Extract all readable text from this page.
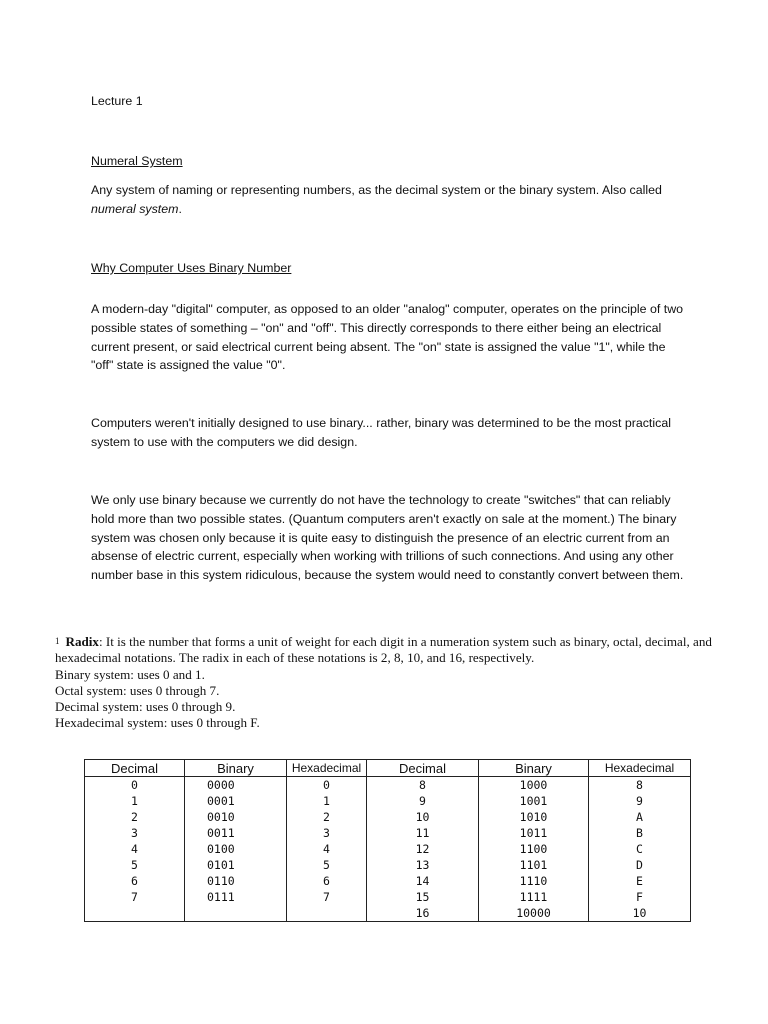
Lecture 1
Numeral System
Any system of naming or representing numbers, as the decimal system or the binary system. Also called numeral system.
Why Computer Uses Binary Number

A modern-day "digital" computer, as opposed to an older "analog" computer, operates on the principle of two possible states of something – "on" and "off". This directly corresponds to there either being an electrical current present, or said electrical current being absent. The "on" state is assigned the value "1", while the "off" state is assigned the value "0".

Computers weren't initially designed to use binary... rather, binary was determined to be the most practical system to use with the computers we did design.

We only use binary because we currently do not have the technology to create "switches" that can reliably hold more than two possible states. (Quantum computers aren't exactly on sale at the moment.) The binary system was chosen only because it is quite easy to distinguish the presence of an electric current from an absense of electric current, especially when working with trillions of such connections. And using any other number base in this system ridiculous, because the system would need to constantly convert between them.

$^1$ Radix: It is the number that forms a unit of weight for each digit in a numeration system such as binary, octal, decimal, and hexadecimal notations. The radix in each of these notations is 2, 8, 10, and 16, respectively.

Binary system: uses 0 and 1.

Octal system: uses 0 through 7.

Decimal system: uses 0 through 9.

Hexadecimal system: uses 0 through F.

Decimal	Binary	Hexadecimal	Decimal	Binary	Hexadecimal
0	0000	0	8	1000	8
1	0001	1	9	1001	9
2	0010	2	10	1010	A
3	0011	3	11	1011	B
4	0100	4	12	1100	C
5	0101	5	13	1101	D
6	0110	6	14	1110	E
7	0111	7	15	1111	F
			16	10000	10
